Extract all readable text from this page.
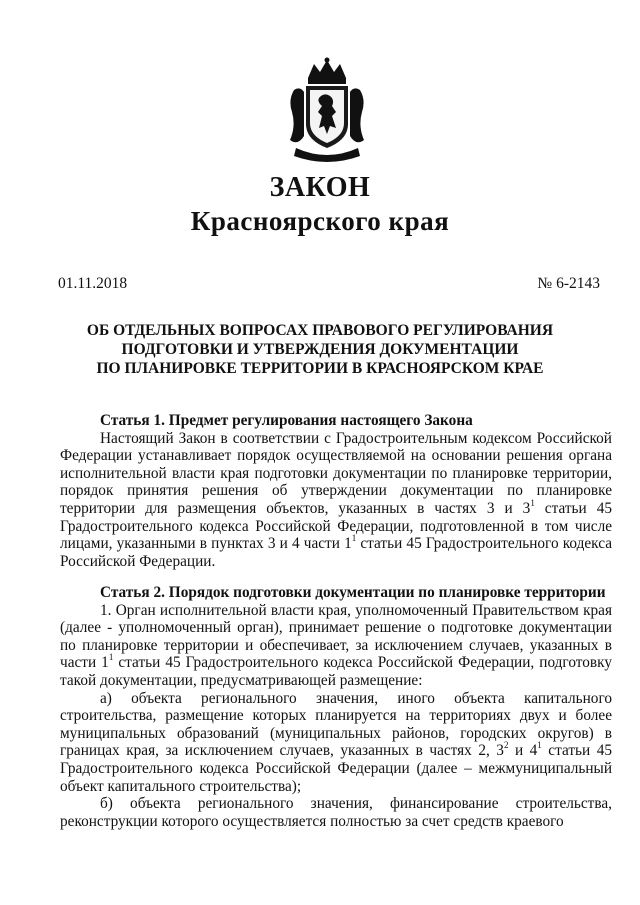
ЗАКОН
Красноярского края
01.11.2018	№ 6-2143
ОБ ОТДЕЛЬНЫХ ВОПРОСАХ ПРАВОВОГО РЕГУЛИРОВАНИЯ
ПОДГОТОВКИ И УТВЕРЖДЕНИЯ ДОКУМЕНТАЦИИ
ПО ПЛАНИРОВКЕ ТЕРРИТОРИИ В КРАСНОЯРСКОМ КРАЕ

Статья 1. Предмет регулирования настоящего Закона

Настоящий Закон в соответствии с Градостроительным кодексом Российской Федерации устанавливает порядок осуществляемой на основании решения органа исполнительной власти края подготовки документации по планировке территории, порядок принятия решения об утверждении документации по планировке территории для размещения объектов, указанных в частях 3 и $3^1$ статьи 45 Градостроительного кодекса Российской Федерации, подготовленной в том числе лицами, указанными в пунктах 3 и 4 части $1^1$ статьи 45 Градостроительного кодекса Российской Федерации.

Статья 2. Порядок подготовки документации по планировке территории

1. Орган исполнительной власти края, уполномоченный Правительством края (далее - уполномоченный орган), принимает решение о подготовке документации по планировке территории и обеспечивает, за исключением случаев, указанных в части $1^1$ статьи 45 Градостроительного кодекса Российской Федерации, подготовку такой документации, предусматривающей размещение:

а) объекта регионального значения, иного объекта капитального строительства, размещение которых планируется на территориях двух и более муниципальных образований (муниципальных районов, городских округов) в границах края, за исключением случаев, указанных в частях 2, $3^2$ и $4^1$ статьи 45 Градостроительного кодекса Российской Федерации (далее – межмуниципальный объект капитального строительства);

б) объекта регионального значения, финансирование строительства, реконструкции которого осуществляется полностью за счет средств краевого
